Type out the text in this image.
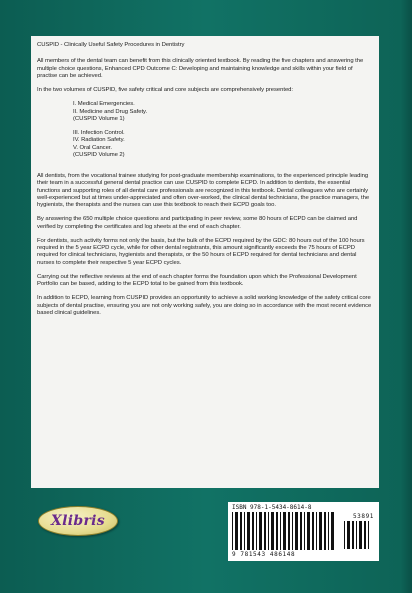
CUSPID - Clinically Useful Safety Procedures in Dentistry

All members of the dental team can benefit from this clinically oriented textbook. By reading the five chapters and answering the multiple choice questions, Enhanced CPD Outcome C: Developing and maintaining knowledge and skills within your field of practise can be achieved.

In the two volumes of CUSPID, five safety critical and core subjects are comprehensively presented:

I. Medical Emergencies.
II. Medicine and Drug Safety.
(CUSPID Volume 1)
III. Infection Control.
IV. Radiation Safety.
V. Oral Cancer.
(CUSPID Volume 2)

All dentists, from the vocational trainee studying for post-graduate membership examinations, to the experienced principle leading their team in a successful general dental practice can use CUSPID to complete ECPD. In addition to dentists, the essential functions and supporting roles of all dental care professionals are recognized in this textbook. Dental colleagues who are certainly well-experienced but at times under-appreciated and often over-worked, the clinical dental technicians, the practice managers, the hygienists, the therapists and the nurses can use this textbook to reach their ECPD goals too.

By answering the 650 multiple choice questions and participating in peer review, some 80 hours of ECPD can be claimed and verified by completing the certificates and log sheets at the end of each chapter.

For dentists, such activity forms not only the basis, but the bulk of the ECPD required by the GDC: 80 hours out of the 100 hours required in the 5 year ECPD cycle, while for other dental registrants, this amount significantly exceeds the 75 hours of ECPD required for clinical technicians, hygienists and therapists, or the 50 hours of ECPD required for dental technicians and dental nurses to complete their respective 5 year ECPD cycles.

Carrying out the reflective reviews at the end of each chapter forms the foundation upon which the Professional Development Portfolio can be based, adding to the ECPD total to be gained from this textbook.

In addition to ECPD, learning from CUSPID provides an opportunity to achieve a solid working knowledge of the safety critical core subjects of dental practise, ensuring you are not only working safely, you are doing so in accordance with the most recent evidence based clinical guidelines.

Xlibris
ISBN 978-1-5434-8614-8
53891
9 781543 486148
